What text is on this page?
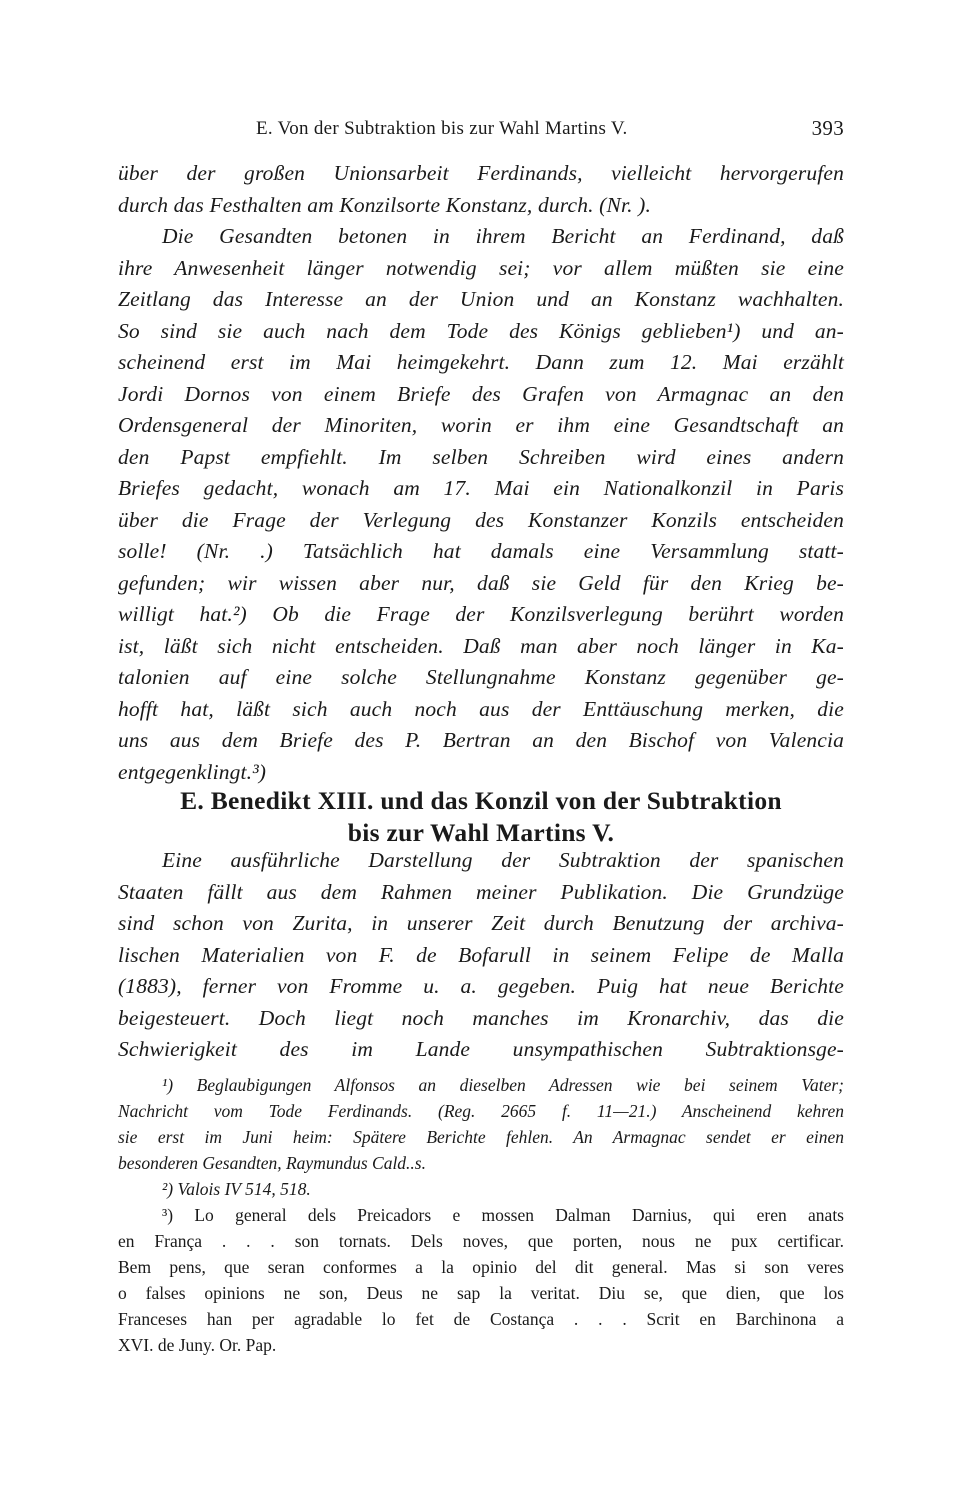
E. Von der Subtraktion bis zur Wahl Martins V.	393
über der großen Unionsarbeit Ferdinands, vielleicht hervorgerufen
durch das Festhalten am Konzilsorte Konstanz, durch. (Nr. ).
Die Gesandten betonen in ihrem Bericht an Ferdinand, daß
ihre Anwesenheit länger notwendig sei; vor allem müßten sie eine
Zeitlang das Interesse an der Union und an Konstanz wachhalten.
So sind sie auch nach dem Tode des Königs geblieben¹) und an-
scheinend erst im Mai heimgekehrt. Dann zum 12. Mai erzählt
Jordi Dornos von einem Briefe des Grafen von Armagnac an den
Ordensgeneral der Minoriten, worin er ihm eine Gesandtschaft an
den Papst empfiehlt. Im selben Schreiben wird eines andern
Briefes gedacht, wonach am 17. Mai ein Nationalkonzil in Paris
über die Frage der Verlegung des Konstanzer Konzils entscheiden
solle! (Nr. .) Tatsächlich hat damals eine Versammlung statt-
gefunden; wir wissen aber nur, daß sie Geld für den Krieg be-
willigt hat.²) Ob die Frage der Konzilsverlegung berührt worden
ist, läßt sich nicht entscheiden. Daß man aber noch länger in Ka-
talonien auf eine solche Stellungnahme Konstanz gegenüber ge-
hofft hat, läßt sich auch noch aus der Enttäuschung merken, die
uns aus dem Briefe des P. Bertran an den Bischof von Valencia
entgegenklingt.³)
E. Benedikt XIII. und das Konzil von der Subtraktion
bis zur Wahl Martins V.
Eine ausführliche Darstellung der Subtraktion der spanischen
Staaten fällt aus dem Rahmen meiner Publikation. Die Grundzüge
sind schon von Zurita, in unserer Zeit durch Benutzung der archiva-
lischen Materialien von F. de Bofarull in seinem Felipe de Malla
(1883), ferner von Fromme u. a. gegeben. Puig hat neue Berichte
beigesteuert. Doch liegt noch manches im Kronarchiv, das die
Schwierigkeit des im Lande unsympathischen Subtraktionsge-
¹) Beglaubigungen Alfonsos an dieselben Adressen wie bei seinem Vater;
Nachricht vom Tode Ferdinands. (Reg. 2665 f. 11—21.) Anscheinend kehren
sie erst im Juni heim: Spätere Berichte fehlen. An Armagnac sendet er einen
besonderen Gesandten, Raymundus Cald..s.
²) Valois IV 514, 518.
³) Lo general dels Preicadors e mossen Dalman Darnius, qui eren anats
en França . . . son tornats. Dels noves, que porten, nous ne pux certificar.
Bem pens, que seran conformes a la opinio del dit general. Mas si son veres
o falses opinions ne son, Deus ne sap la veritat. Diu se, que dien, que los
Franceses han per agradable lo fet de Costança . . . Scrit en Barchinona a
XVI. de Juny. Or. Pap.
